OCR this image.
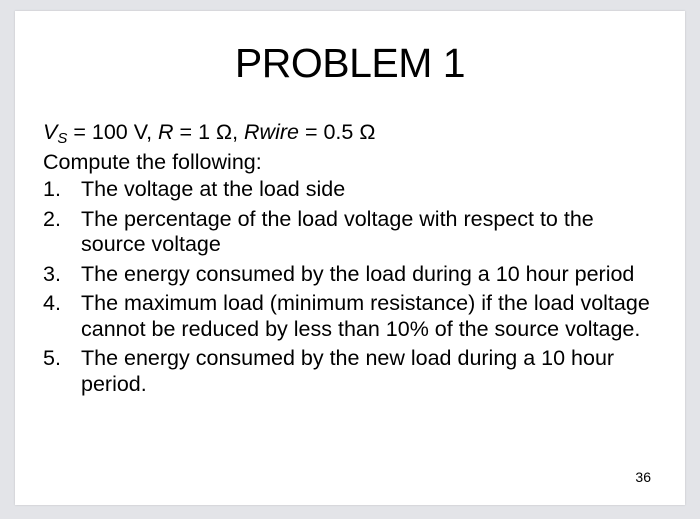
PROBLEM 1
$V_S = 100$ V, R = 1 Ω, Rwire = 0.5 Ω
Compute the following:
1. The voltage at the load side
2. The percentage of the load voltage with respect to the source voltage
3. The energy consumed by the load during a 10 hour period
4. The maximum load (minimum resistance) if the load voltage cannot be reduced by less than 10% of the source voltage.
5. The energy consumed by the new load during a 10 hour period.
36
